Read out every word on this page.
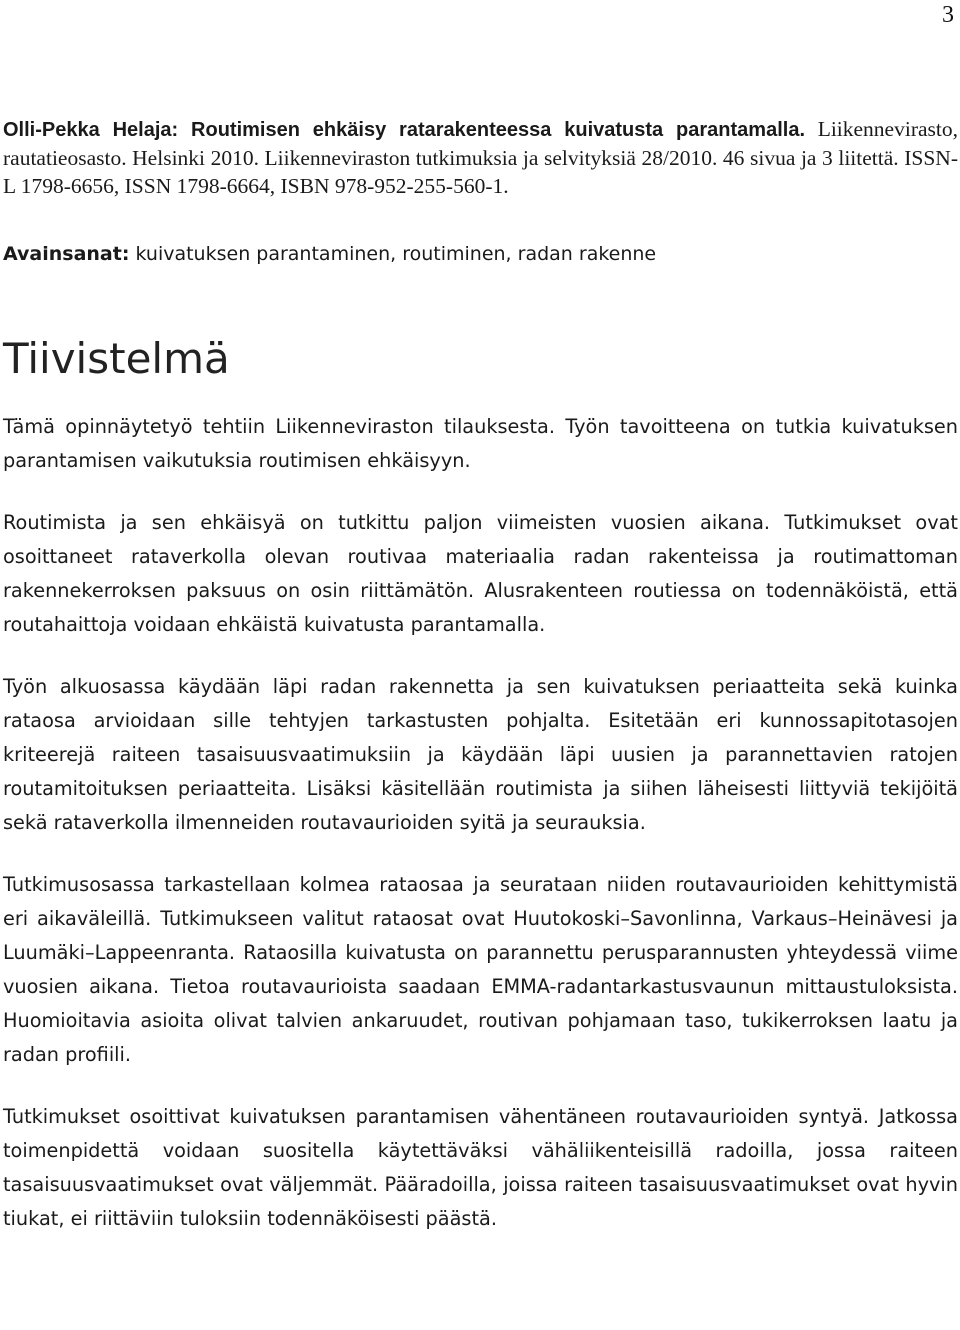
3
Olli-Pekka Helaja: Routimisen ehkäisy ratarakenteessa kuivatusta parantamalla. Liikennevirasto, rautatieosasto. Helsinki 2010. Liikenneviraston tutkimuksia ja selvityksiä 28/2010. 46 sivua ja 3 liitettä. ISSN-L 1798-6656, ISSN 1798-6664, ISBN 978-952-255-560-1.
Avainsanat: kuivatuksen parantaminen, routiminen, radan rakenne
Tiivistelmä

Tämä opinnäytetyö tehtiin Liikenneviraston tilauksesta. Työn tavoitteena on tutkia kuivatuksen parantamisen vaikutuksia routimisen ehkäisyyn.

Routimista ja sen ehkäisyä on tutkittu paljon viimeisten vuosien aikana. Tutkimukset ovat osoittaneet rataverkolla olevan routivaa materiaalia radan rakenteissa ja routimattoman rakennekerroksen paksuus on osin riittämätön. Alusrakenteen routiessa on todennäköistä, että routahaittoja voidaan ehkäistä kuivatusta parantamalla.

Työn alkuosassa käydään läpi radan rakennetta ja sen kuivatuksen periaatteita sekä kuinka rataosa arvioidaan sille tehtyjen tarkastusten pohjalta. Esitetään eri kunnossapitotasojen kriteerejä raiteen tasaisuusvaatimuksiin ja käydään läpi uusien ja parannettavien ratojen routamitoituksen periaatteita. Lisäksi käsitellään routimista ja siihen läheisesti liittyviä tekijöitä sekä rataverkolla ilmenneiden routavaurioiden syitä ja seurauksia.

Tutkimusosassa tarkastellaan kolmea rataosaa ja seurataan niiden routavaurioiden kehittymistä eri aikaväleillä. Tutkimukseen valitut rataosat ovat Huutokoski–Savonlinna, Varkaus–Heinävesi ja Luumäki–Lappeenranta. Rataosilla kuivatusta on parannettu perusparannusten yhteydessä viime vuosien aikana. Tietoa routavaurioista saadaan EMMA-radantarkastusvaunun mittaustuloksista. Huomioitavia asioita olivat talvien ankaruudet, routivan pohjamaan taso, tukikerroksen laatu ja radan profiili.

Tutkimukset osoittivat kuivatuksen parantamisen vähentäneen routavaurioiden syntyä. Jatkossa toimenpidettä voidaan suositella käytettäväksi vähäliikenteisillä radoilla, jossa raiteen tasaisuusvaatimukset ovat väljemmät. Pääradoilla, joissa raiteen tasaisuusvaatimukset ovat hyvin tiukat, ei riittäviin tuloksiin todennäköisesti päästä.
